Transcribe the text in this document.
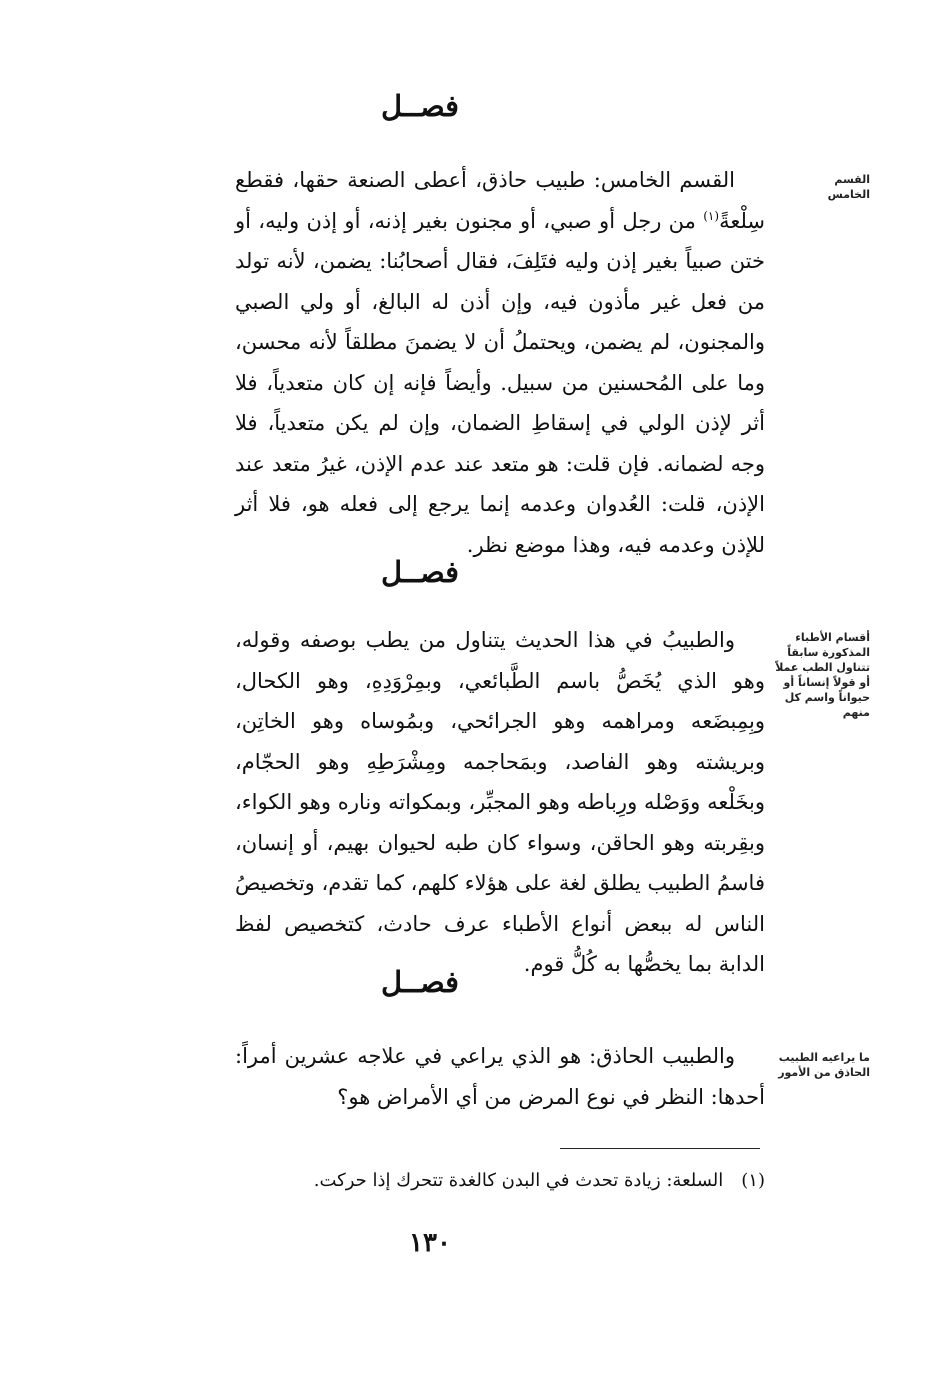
فصــل
القسم الخامس

القسم الخامس: طبيب حاذق، أعطى الصنعة حقها، فقطع سِلْعةً$^{(١)}$ من رجل أو صبي، أو مجنون بغير إذنه، أو إذن وليه، أو ختن صبياً بغير إذن وليه فتَلِفَ، فقال أصحابُنا: يضمن، لأنه تولد من فعل غير مأذون فيه، وإن أذن له البالغ، أو ولي الصبي والمجنون، لم يضمن، ويحتملُ أن لا يضمنَ مطلقاً لأنه محسن، وما على المُحسنين من سبيل. وأيضاً فإنه إن كان متعدياً، فلا أثر لإذن الولي في إسقاطِ الضمان، وإن لم يكن متعدياً، فلا وجه لضمانه. فإن قلت: هو متعد عند عدم الإذن، غيرُ متعد عند الإذن، قلت: العُدوان وعدمه إنما يرجع إلى فعله هو، فلا أثر للإذن وعدمه فيه، وهذا موضع نظر.

فصــل
أقسام الأطباء المذكورة سابقاً تتناول الطب عملاً أو قولاً إنساناً أو حيواناً واسم كل منهم

والطبيبُ في هذا الحديث يتناول من يطب بوصفه وقوله، وهو الذي يُخَصُّ باسم الطَّبائعي، وبمِرْوَدِهِ، وهو الكحال، وبِمِبضَعه ومراهمه وهو الجرائحي، وبمُوساه وهو الخاتِن، وبريشته وهو الفاصد، وبمَحاجمه ومِشْرَطِهِ وهو الحجّام، وبخَلْعه ووَصْله ورِباطه وهو المجبِّر، وبمكواته وناره وهو الكواء، وبقِربته وهو الحاقن، وسواء كان طبه لحيوان بهيم، أو إنسان، فاسمُ الطبيب يطلق لغة على هؤلاء كلهم، كما تقدم، وتخصيصُ الناس له ببعض أنواع الأطباء عرف حادث، كتخصيص لفظ الدابة بما يخصُّها به كُلُّ قوم.

فصــل
ما يراعيه الطبيب الحاذق من الأمور

والطبيب الحاذق: هو الذي يراعي في علاجه عشرين أمراً: أحدها: النظر في نوع المرض من أي الأمراض هو؟

(١)السلعة: زيادة تحدث في البدن كالغدة تتحرك إذا حركت.
١٣٠
